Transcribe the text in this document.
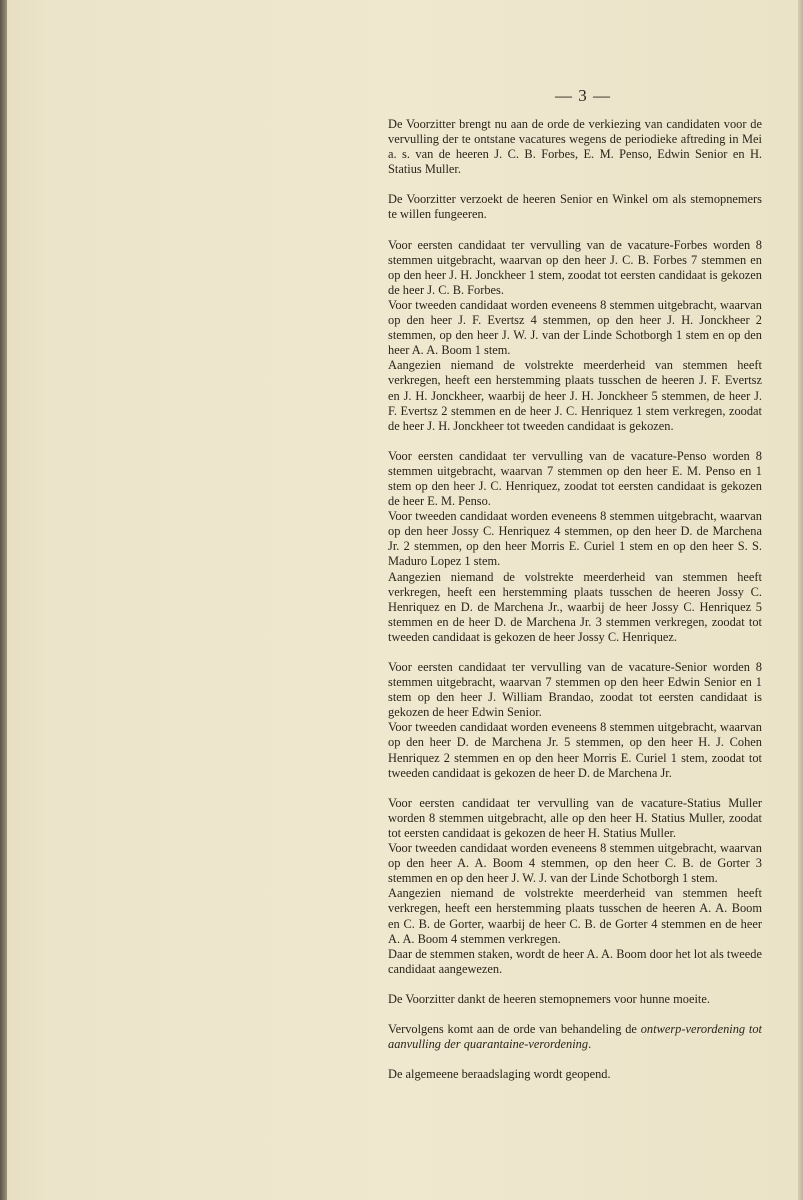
— 3 —

De Voorzitter brengt nu aan de orde de verkiezing van candidaten voor de vervulling der te ontstane vacatures wegens de periodieke aftreding in Mei a. s. van de heeren J. C. B. Forbes, E. M. Penso, Edwin Senior en H. Statius Muller.

De Voorzitter verzoekt de heeren Senior en Winkel om als stemopnemers te willen fungeeren.

Voor eersten candidaat ter vervulling van de vacature-Forbes worden 8 stemmen uitgebracht, waarvan op den heer J. C. B. Forbes 7 stemmen en op den heer J. H. Jonckheer 1 stem, zoodat tot eersten candidaat is gekozen de heer J. C. B. Forbes.

Voor tweeden candidaat worden eveneens 8 stemmen uitgebracht, waarvan op den heer J. F. Evertsz 4 stemmen, op den heer J. H. Jonckheer 2 stemmen, op den heer J. W. J. van der Linde Schotborgh 1 stem en op den heer A. A. Boom 1 stem.

Aangezien niemand de volstrekte meerderheid van stemmen heeft verkregen, heeft een herstemming plaats tusschen de heeren J. F. Evertsz en J. H. Jonckheer, waarbij de heer J. H. Jonckheer 5 stemmen, de heer J. F. Evertsz 2 stemmen en de heer J. C. Henriquez 1 stem verkregen, zoodat de heer J. H. Jonckheer tot tweeden candidaat is gekozen.

Voor eersten candidaat ter vervulling van de vacature-Penso worden 8 stemmen uitgebracht, waarvan 7 stemmen op den heer E. M. Penso en 1 stem op den heer J. C. Henriquez, zoodat tot eersten candidaat is gekozen de heer E. M. Penso.

Voor tweeden candidaat worden eveneens 8 stemmen uitgebracht, waarvan op den heer Jossy C. Henriquez 4 stemmen, op den heer D. de Marchena Jr. 2 stemmen, op den heer Morris E. Curiel 1 stem en op den heer S. S. Maduro Lopez 1 stem.

Aangezien niemand de volstrekte meerderheid van stemmen heeft verkregen, heeft een herstemming plaats tusschen de heeren Jossy C. Henriquez en D. de Marchena Jr., waarbij de heer Jossy C. Henriquez 5 stemmen en de heer D. de Marchena Jr. 3 stemmen verkregen, zoodat tot tweeden candidaat is gekozen de heer Jossy C. Henriquez.

Voor eersten candidaat ter vervulling van de vacature-Senior worden 8 stemmen uitgebracht, waarvan 7 stemmen op den heer Edwin Senior en 1 stem op den heer J. William Brandao, zoodat tot eersten candidaat is gekozen de heer Edwin Senior.

Voor tweeden candidaat worden eveneens 8 stemmen uitgebracht, waarvan op den heer D. de Marchena Jr. 5 stemmen, op den heer H. J. Cohen Henriquez 2 stemmen en op den heer Morris E. Curiel 1 stem, zoodat tot tweeden candidaat is gekozen de heer D. de Marchena Jr.

Voor eersten candidaat ter vervulling van de vacature-Statius Muller worden 8 stemmen uitgebracht, alle op den heer H. Statius Muller, zoodat tot eersten candidaat is gekozen de heer H. Statius Muller.

Voor tweeden candidaat worden eveneens 8 stemmen uitgebracht, waarvan op den heer A. A. Boom 4 stemmen, op den heer C. B. de Gorter 3 stemmen en op den heer J. W. J. van der Linde Schotborgh 1 stem.

Aangezien niemand de volstrekte meerderheid van stemmen heeft verkregen, heeft een herstemming plaats tusschen de heeren A. A. Boom en C. B. de Gorter, waarbij de heer C. B. de Gorter 4 stemmen en de heer A. A. Boom 4 stemmen verkregen.

Daar de stemmen staken, wordt de heer A. A. Boom door het lot als tweede candidaat aangewezen.

De Voorzitter dankt de heeren stemopnemers voor hunne moeite.

Vervolgens komt aan de orde van behandeling de ontwerp-verordening tot aanvulling der quarantaine-verordening.

De algemeene beraadslaging wordt geopend.
